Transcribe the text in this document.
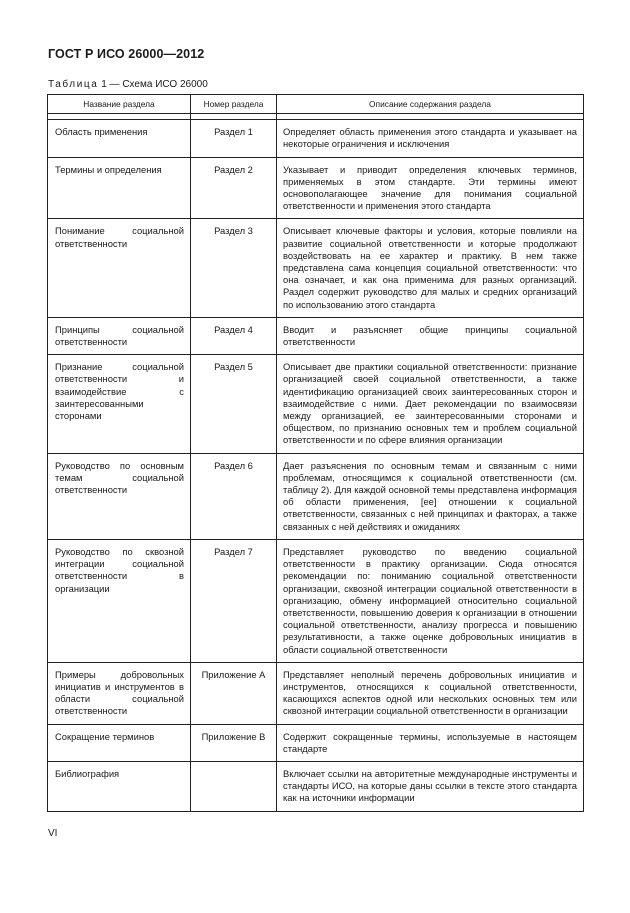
ГОСТ Р ИСО 26000—2012
Таблица 1 — Схема ИСО 26000
Название раздела	Номер раздела	Описание содержания раздела

Область применения	Раздел 1	Определяет область применения этого стандарта и указывает на некоторые ограничения и исключения
Термины и определения	Раздел 2	Указывает и приводит определения ключевых терминов, применяемых в этом стандарте. Эти термины имеют основополагающее значение для понимания социальной ответственности и применения этого стандарта
Понимание социальной ответственности	Раздел 3	Описывает ключевые факторы и условия, которые повлияли на развитие социальной ответственности и которые продолжают воздействовать на ее характер и практику. В нем также представлена сама концепция социальной ответственности: что она означает, и как она применима для разных организаций. Раздел содержит руководство для малых и средних организаций по использованию этого стандарта
Принципы социальной ответственности	Раздел 4	Вводит и разъясняет общие принципы социальной ответственности
Признание социальной ответственности и взаимодействие с заинтересованными сторонами	Раздел 5	Описывает две практики социальной ответственности: признание организацией своей социальной ответственности, а также идентификацию организацией своих заинтересованных сторон и взаимодействие с ними. Дает рекомендации по взаимосвязи между организацией, ее заинтересованными сторонами и обществом, по признанию основных тем и проблем социальной ответственности и по сфере влияния организации
Руководство по основным темам социальной ответственности	Раздел 6	Дает разъяснения по основным темам и связанным с ними проблемам, относящимся к социальной ответственности (см. таблицу 2). Для каждой основной темы представлена информация об области применения, [ее] отношении к социальной ответственности, связанных с ней принципах и факторах, а также связанных с ней действиях и ожиданиях
Руководство по сквозной интеграции социальной ответственности в организации	Раздел 7	Представляет руководство по введению социальной ответственности в практику организации. Сюда относятся рекомендации по: пониманию социальной ответственности организации, сквозной интеграции социальной ответственности в организацию, обмену информацией относительно социальной ответственности, повышению доверия к организации в отношении социальной ответственности, анализу прогресса и повышению результативности, а также оценке добровольных инициатив в области социальной ответственности
Примеры добровольных инициатив и инструментов в области социальной ответственности	Приложение А	Представляет неполный перечень добровольных инициатив и инструментов, относящихся к социальной ответственности, касающихся аспектов одной или нескольких основных тем или сквозной интеграции социальной ответственности в организации
Сокращение терминов	Приложение В	Содержит сокращенные термины, используемые в настоящем стандарте
Библиография		Включает ссылки на авторитетные международные инструменты и стандарты ИСО, на которые даны ссылки в тексте этого стандарта как на источники информации
VI
